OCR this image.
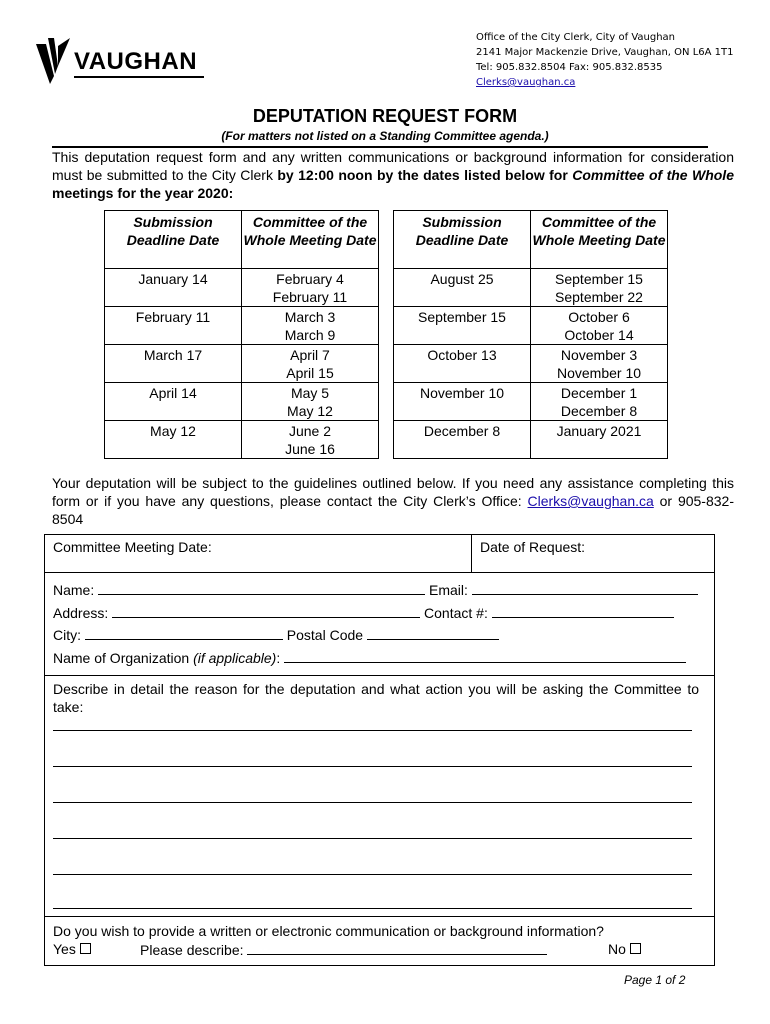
VAUGHAN
Office of the City Clerk, City of Vaughan
2141 Major Mackenzie Drive, Vaughan, ON L6A 1T1
Tel: 905.832.8504 Fax: 905.832.8535
Clerks@vaughan.ca
DEPUTATION REQUEST FORM
(For matters not listed on a Standing Committee agenda.)
This deputation request form and any written communications or background information for consideration must be submitted to the City Clerk by 12:00 noon by the dates listed below for Committee of the Whole meetings for the year 2020:
Submission Deadline Date	Committee of the Whole Meeting Date
January 14	February 4
February 11

February 11	March 3
March 9

March 17	April 7
April 15

April 14	May 5
May 12

May 12	June 2
June 16
Submission Deadline Date	Committee of the Whole Meeting Date
August 25	September 15
September 22

September 15	October 6
October 14

October 13	November 3
November 10

November 10	December 1
December 8

December 8	January 2021
Your deputation will be subject to the guidelines outlined below. If you need any assistance completing this form or if you have any questions, please contact the City Clerk’s Office: Clerks@vaughan.ca or 905-832-8504
Committee Meeting Date:	Date of Request:
Name:	Email:
Address:	Contact #:
City:	Postal Code
Name of Organization (if applicable):
Describe in detail the reason for the deputation and what action you will be asking the Committee to take:
Do you wish to provide a written or electronic communication or background information?
Yes	Please describe:	No
Page 1 of 2
